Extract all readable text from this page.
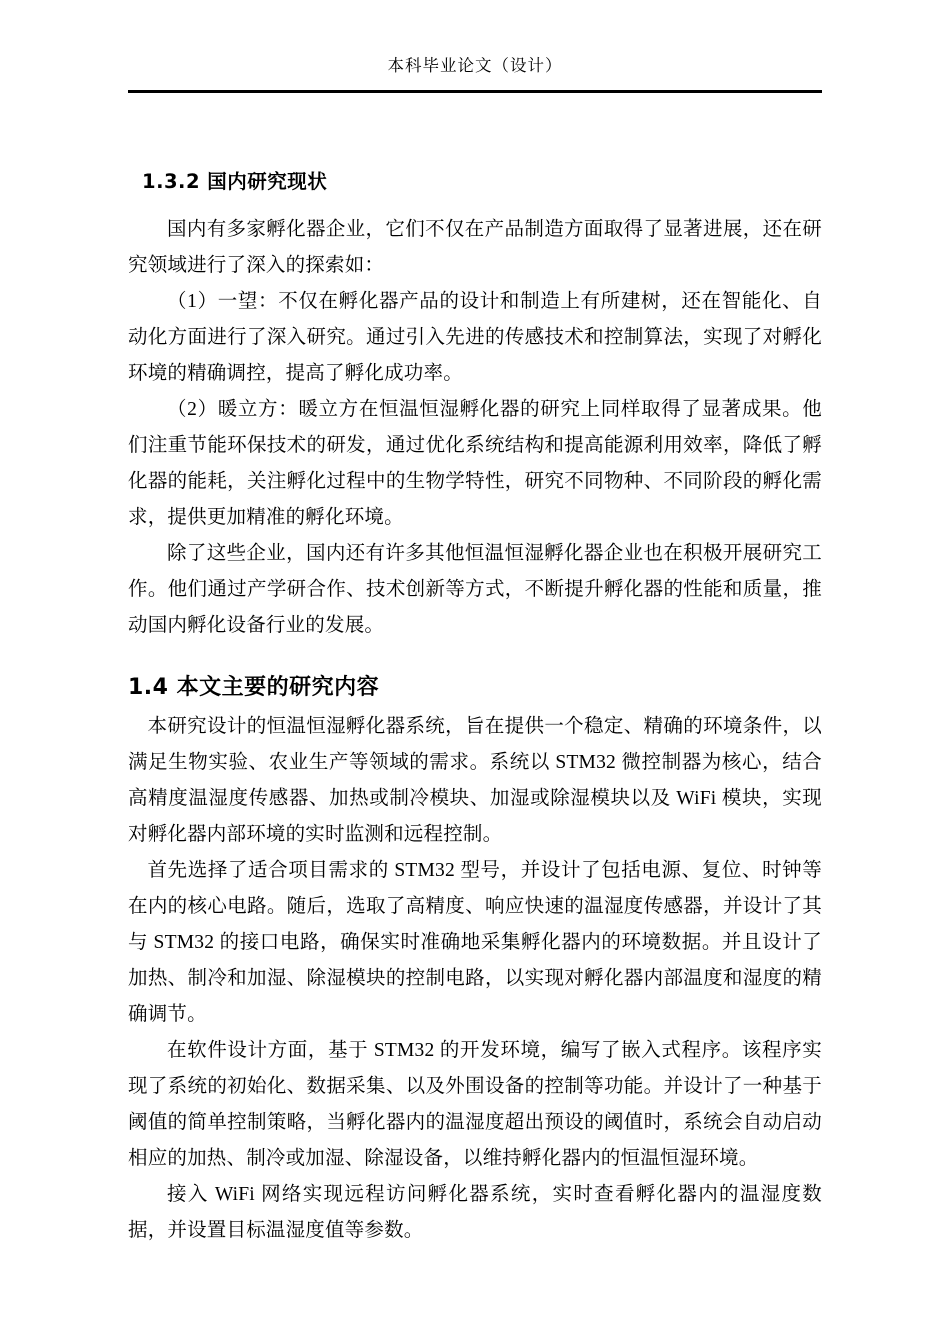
本科毕业论文（设计）
1.3.2 国内研究现状

国内有多家孵化器企业，它们不仅在产品制造方面取得了显著进展，还在研究领域进行了深入的探索如：

（1）一望：不仅在孵化器产品的设计和制造上有所建树，还在智能化、自动化方面进行了深入研究。通过引入先进的传感技术和控制算法，实现了对孵化环境的精确调控，提高了孵化成功率。

（2）暖立方：暖立方在恒温恒湿孵化器的研究上同样取得了显著成果。他们注重节能环保技术的研发，通过优化系统结构和提高能源利用效率，降低了孵化器的能耗，关注孵化过程中的生物学特性，研究不同物种、不同阶段的孵化需求，提供更加精准的孵化环境。

除了这些企业，国内还有许多其他恒温恒湿孵化器企业也在积极开展研究工作。他们通过产学研合作、技术创新等方式，不断提升孵化器的性能和质量，推动国内孵化设备行业的发展。

1.4 本文主要的研究内容

本研究设计的恒温恒湿孵化器系统，旨在提供一个稳定、精确的环境条件，以满足生物实验、农业生产等领域的需求。系统以 STM32 微控制器为核心，结合高精度温湿度传感器、加热或制冷模块、加湿或除湿模块以及 WiFi 模块，实现对孵化器内部环境的实时监测和远程控制。

首先选择了适合项目需求的 STM32 型号，并设计了包括电源、复位、时钟等在内的核心电路。随后，选取了高精度、响应快速的温湿度传感器，并设计了其与 STM32 的接口电路，确保实时准确地采集孵化器内的环境数据。并且设计了加热、制冷和加湿、除湿模块的控制电路，以实现对孵化器内部温度和湿度的精确调节。

在软件设计方面，基于 STM32 的开发环境，编写了嵌入式程序。该程序实现了系统的初始化、数据采集、以及外围设备的控制等功能。并设计了一种基于阈值的简单控制策略，当孵化器内的温湿度超出预设的阈值时，系统会自动启动相应的加热、制冷或加湿、除湿设备，以维持孵化器内的恒温恒湿环境。

接入 WiFi 网络实现远程访问孵化器系统，实时查看孵化器内的温湿度数据，并设置目标温湿度值等参数。
